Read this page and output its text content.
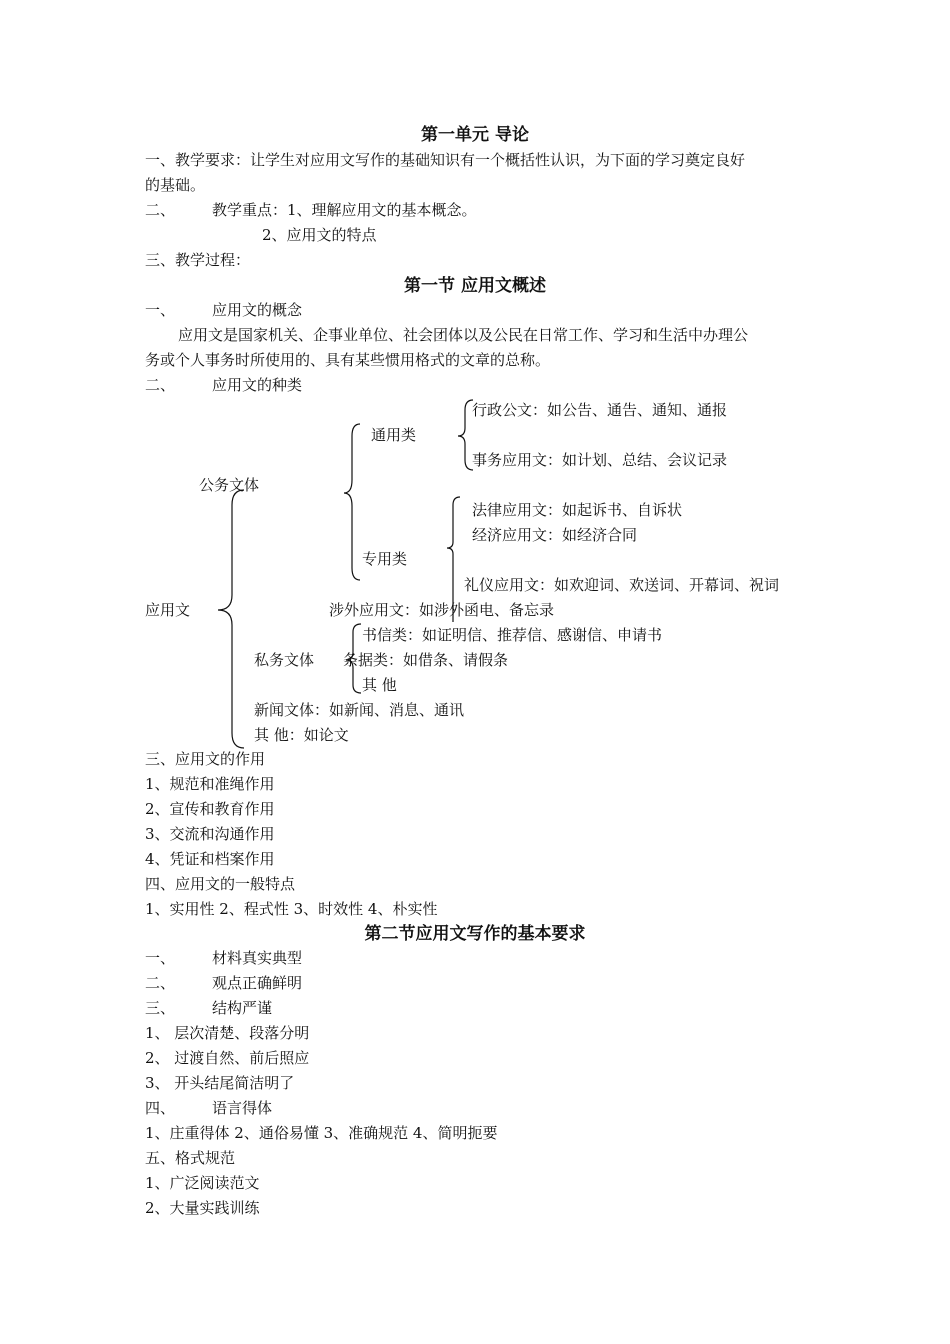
第一单元 导论
一、教学要求：让学生对应用文写作的基础知识有一个概括性认识，为下面的学习奠定良好
的基础。
二、 教学重点：1、理解应用文的基本概念。
2、应用文的特点
三、教学过程：
第一节 应用文概述
一、 应用文的概念
应用文是国家机关、企事业单位、社会团体以及公民在日常工作、学习和生活中办理公
务或个人事务时所使用的、具有某些惯用格式的文章的总称。
二、 应用文的种类
行政公文：如公告、通告、通知、通报
通用类
事务应用文：如计划、总结、会议记录
公务文体
法律应用文：如起诉书、自诉状
经济应用文：如经济合同
专用类
礼仪应用文：如欢迎词、欢送词、开幕词、祝词
应用文	涉外应用文：如涉外函电、备忘录
书信类：如证明信、推荐信、感谢信、申请书
私务文体 条据类：如借条、请假条
其 他
新闻文体：如新闻、消息、通讯
其 他：如论文
三、应用文的作用
1、规范和准绳作用
2、宣传和教育作用
3、交流和沟通作用
4、凭证和档案作用
四、应用文的一般特点
1、实用性 2、程式性 3、时效性 4、朴实性
第二节应用文写作的基本要求
一、 材料真实典型
二、 观点正确鲜明
三、 结构严谨
1、 层次清楚、段落分明
2、 过渡自然、前后照应
3、 开头结尾简洁明了
四、 语言得体
1、庄重得体 2、通俗易懂 3、准确规范 4、简明扼要
五、格式规范
1、广泛阅读范文
2、大量实践训练
